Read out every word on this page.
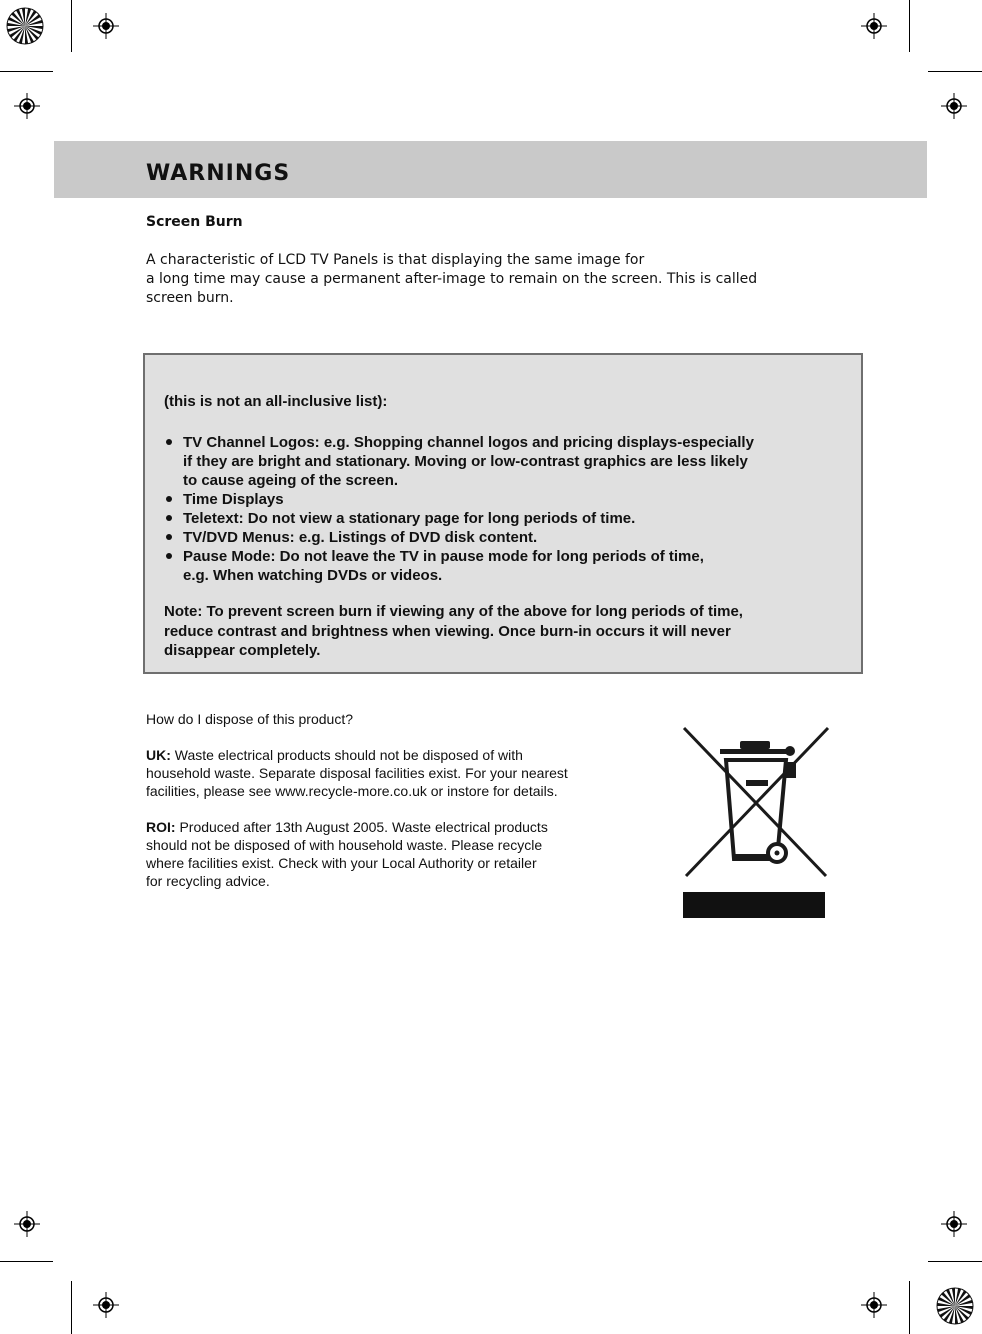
WARNINGS
Screen Burn
A characteristic of LCD TV Panels is that displaying the same image for
a long time may cause a permanent after-image to remain on the screen. This is called
screen burn.
(this is not an all-inclusive list):
TV Channel Logos: e.g. Shopping channel logos and pricing displays-especially
if they are bright and stationary. Moving or low-contrast graphics are less likely
to cause ageing of the screen.
Time Displays
Teletext: Do not view a stationary page for long periods of time.
TV/DVD Menus: e.g. Listings of DVD disk content.
Pause Mode: Do not leave the TV in pause mode for long periods of time,
e.g. When watching DVDs or videos.
Note: To prevent screen burn if viewing any of the above for long periods of time,
reduce contrast and brightness when viewing. Once burn-in occurs it will never
disappear completely.
How do I dispose of this product?
UK: Waste electrical products should not be disposed of with
household waste. Separate disposal facilities exist. For your nearest
facilities, please see www.recycle-more.co.uk or instore for details.
ROI: Produced after 13th August 2005. Waste electrical products
should not be disposed of with household waste. Please recycle
where facilities exist. Check with your Local Authority or retailer
for recycling advice.
